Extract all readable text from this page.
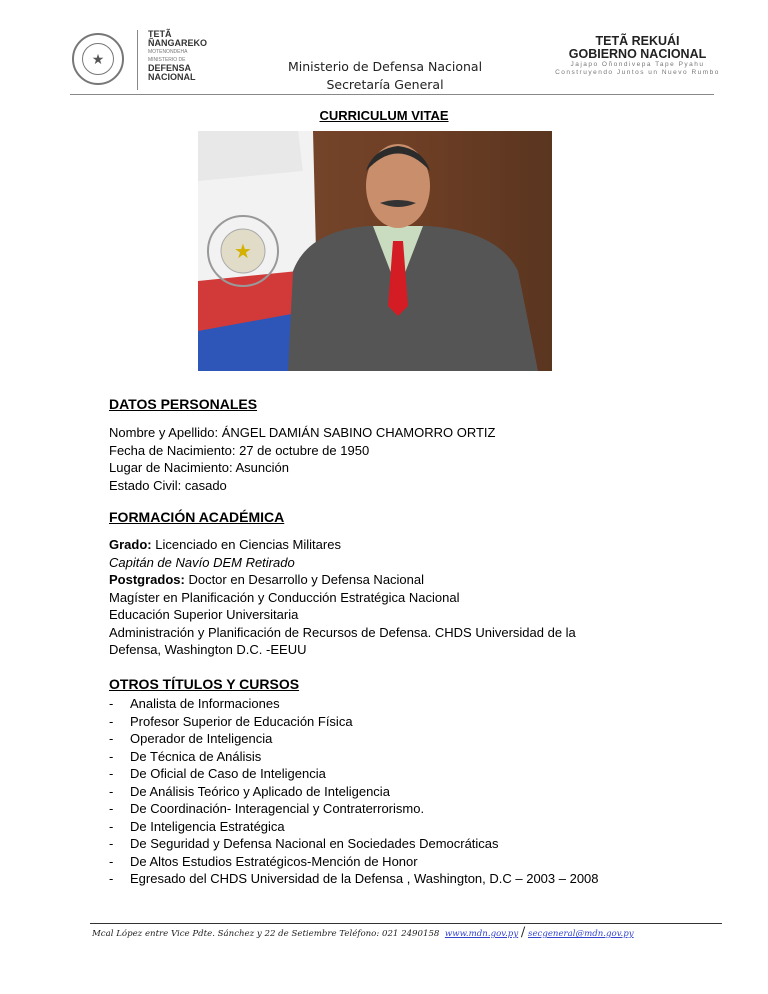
★
TETÃ
ÑANGAREKO
MOTENONDEHA
MINISTERIO DE
DEFENSA
NACIONAL
Ministerio de Defensa Nacional
Secretaría General
TETÃ REKUÁI
GOBIERNO NACIONAL
Jajapo Oñondivepa Tape Pyahu
Construyendo Juntos un Nuevo Rumbo
CURRICULUM VITAE
★
DATOS PERSONALES
Nombre y Apellido: ÁNGEL DAMIÁN SABINO CHAMORRO ORTIZ
Fecha de Nacimiento: 27 de octubre de 1950
Lugar de Nacimiento: Asunción
Estado Civil: casado
FORMACIÓN ACADÉMICA
Grado: Licenciado en Ciencias Militares
Capitán de Navío DEM Retirado
Postgrados: Doctor en Desarrollo y Defensa Nacional
Magíster en Planificación y Conducción Estratégica Nacional
Educación Superior Universitaria
Administración y Planificación de Recursos de Defensa. CHDS Universidad de la
Defensa, Washington D.C. -EEUU
OTROS TÍTULOS Y CURSOS
- Analista de Informaciones
- Profesor Superior de Educación Física
- Operador de Inteligencia
- De Técnica de Análisis
- De Oficial de Caso de Inteligencia
- De Análisis Teórico y Aplicado de Inteligencia
- De Coordinación- Interagencial y Contraterrorismo.
- De Inteligencia Estratégica
- De Seguridad y Defensa Nacional en Sociedades Democráticas
- De Altos Estudios Estratégicos-Mención de Honor
- Egresado del CHDS Universidad de la Defensa , Washington, D.C – 2003 – 2008
Mcal López entre Vice Pdte. Sánchez y 22 de Setiembre Teléfono: 021 2490158 www.mdn.gov.py / secgeneral@mdn.gov.py
